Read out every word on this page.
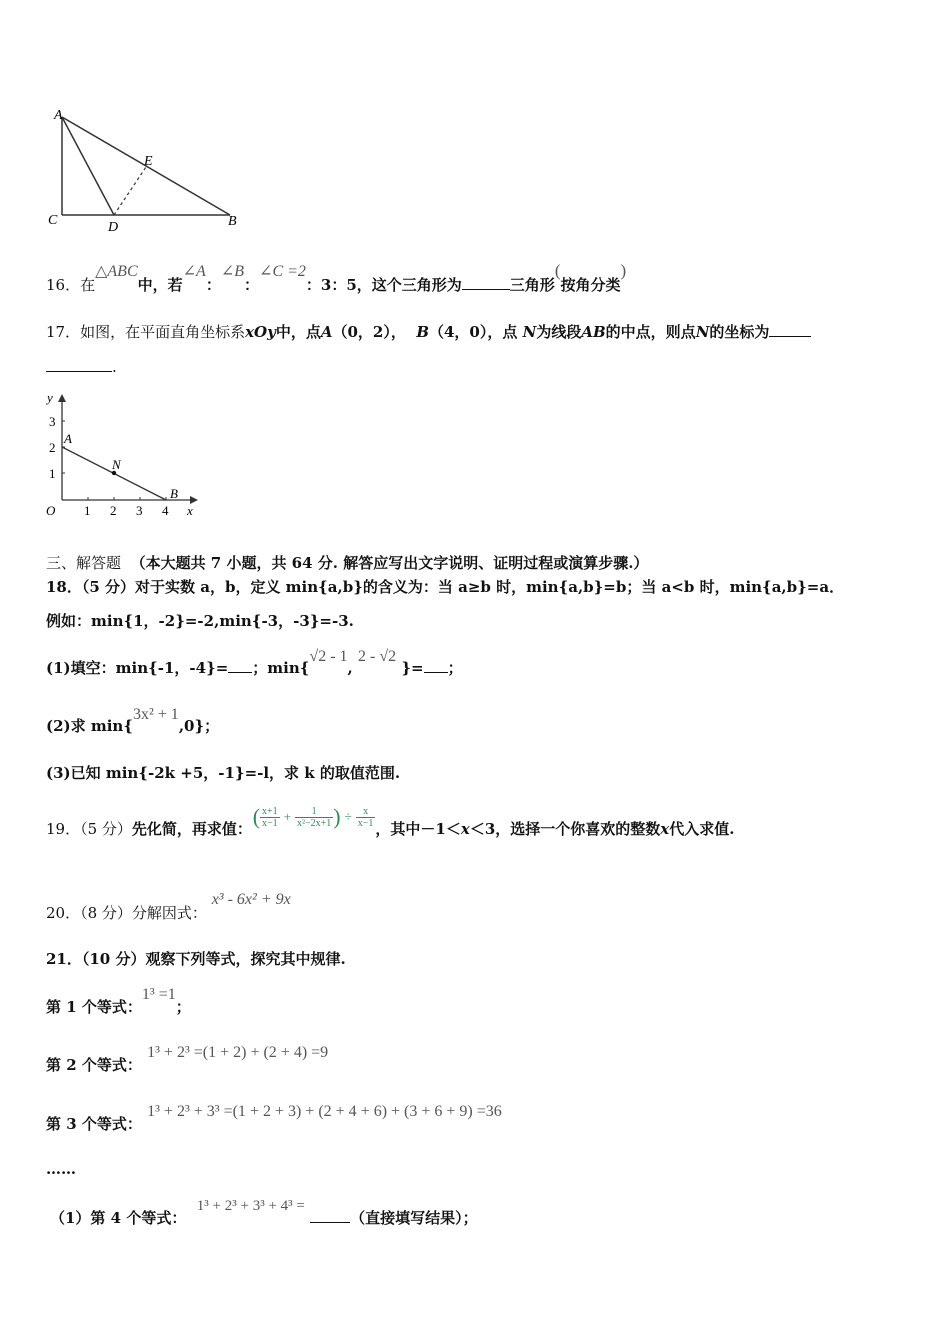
A
E
C	D	B
16．在△ABC中，若∠A：∠B：∠C =2：3：5，这个三角形为	三角形(按角分类)
17．如图，在平面直角坐标系xOy中，点A（0，2）， B（4，0），点 N为线段AB的中点，则点N的坐标为
.
y
3
2
1
O 1 2 3 4 x
A
N
B
三、解答题 （本大题共 7 小题，共 64 分. 解答应写出文字说明、证明过程或演算步骤.）
18．（5 分）对于实数 a，b，定义 min{a,b}的含义为：当 a≥b 时，min{a,b}=b；当 a<b 时，min{a,b}=a．
例如：min{1，-2}=-2,min{-3，-3}=-3.
(1)填空：min{-1，-4}= ；min{√2 - 1, 2 - √2 }= ；
(2)求 min{3x² + 1,0}；
(3)已知 min{-2k +5，-1}=-l，求 k 的取值范围.
19．（5 分）先化简，再求值： ( $\frac{x+1}{x-1} + \frac{1}{\text{x²−2x+1}}$ ) ÷ $\frac{x}{x-1}$
，其中－1＜x＜3，选择一个你喜欢的整数x代入求值.
20．（8 分）分解因式： x³ - 6x² + 9x
21．（10 分）观察下列等式，探究其中规律.
第 1 个等式：1³ =1；
第 2 个等式： 1³ + 2³ =(1 + 2) + (2 + 4) =9
第 3 个等式： 1³ + 2³ + 3³ =(1 + 2 + 3) + (2 + 4 + 6) + (3 + 6 + 9) =36
……
（1）第 4 个等式：  1³ + 2³ + 3³ + 4³ = （直接填写结果）；
